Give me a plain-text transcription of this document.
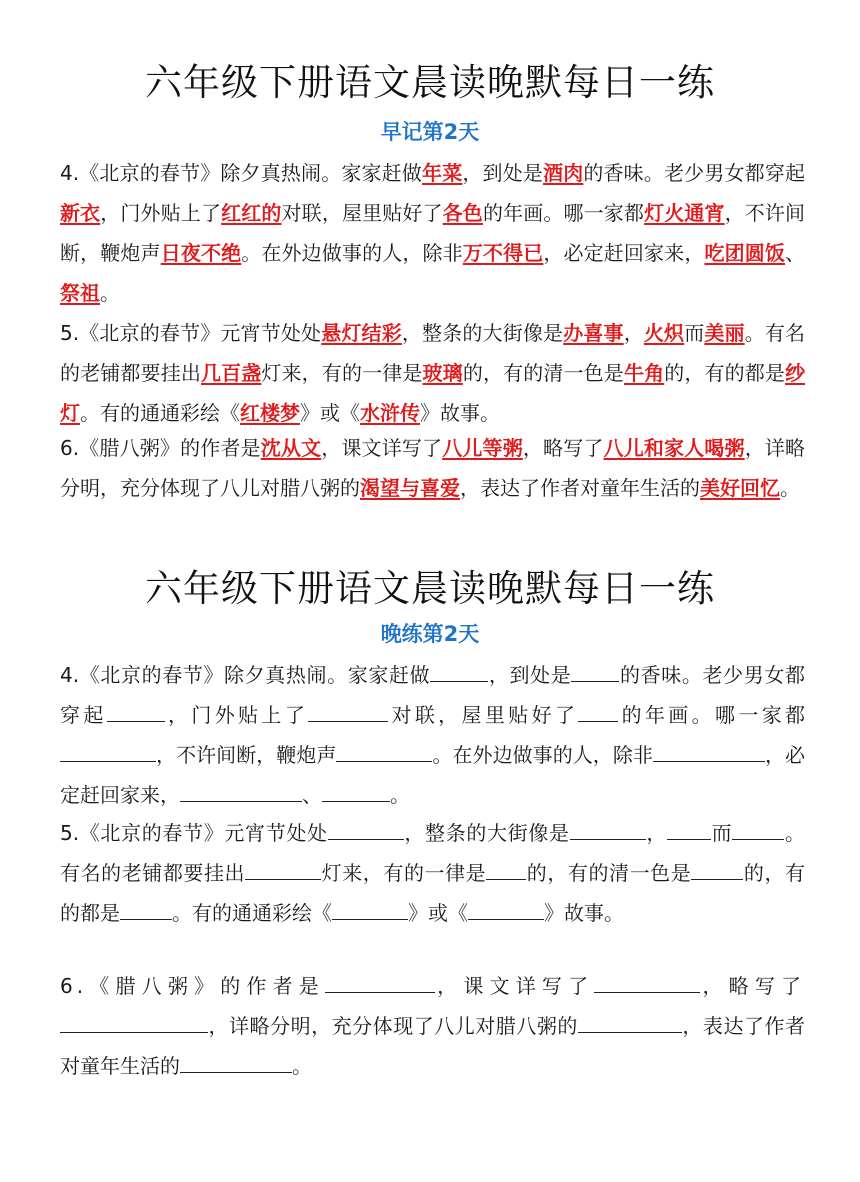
六年级下册语文晨读晚默每日一练
早记第2天

4.《北京的春节》除夕真热闹。家家赶做年菜，到处是酒肉的香味。老少男女都穿起新衣，门外贴上了红红的对联，屋里贴好了各色的年画。哪一家都灯火通宵，不许间断，鞭炮声日夜不绝。在外边做事的人，除非万不得已，必定赶回家来，吃团圆饭、祭祖。

5.《北京的春节》元宵节处处悬灯结彩，整条的大街像是办喜事，火炽而美丽。有名的老铺都要挂出几百盏灯来，有的一律是玻璃的，有的清一色是牛角的，有的都是纱灯。有的通通彩绘《红楼梦》或《水浒传》故事。

6.《腊八粥》的作者是沈从文，课文详写了八儿等粥，略写了八儿和家人喝粥，详略分明，充分体现了八儿对腊八粥的渴望与喜爱，表达了作者对童年生活的美好回忆。

六年级下册语文晨读晚默每日一练
晚练第2天

4.《北京的春节》除夕真热闹。家家赶做	，到处是 的香味。老少男女都穿起	，门外贴上了	对联，屋里贴好了 的年画。哪一家都，不许间断，鞭炮声	。在外边做事的人，除非	，必定赶回家来，	、	。

5.《北京的春节》元宵节处处	，整条的大街像是	， 而	。有名的老铺都要挂出	灯来，有的一律是 的，有的清一色是	的，有的都是	。有的通通彩绘《	》或《	》故事。

6.《腊八粥》的作者是	，课文详写了	，略写了，详略分明，充分体现了八儿对腊八粥的	，表达了作者对童年生活的	。
